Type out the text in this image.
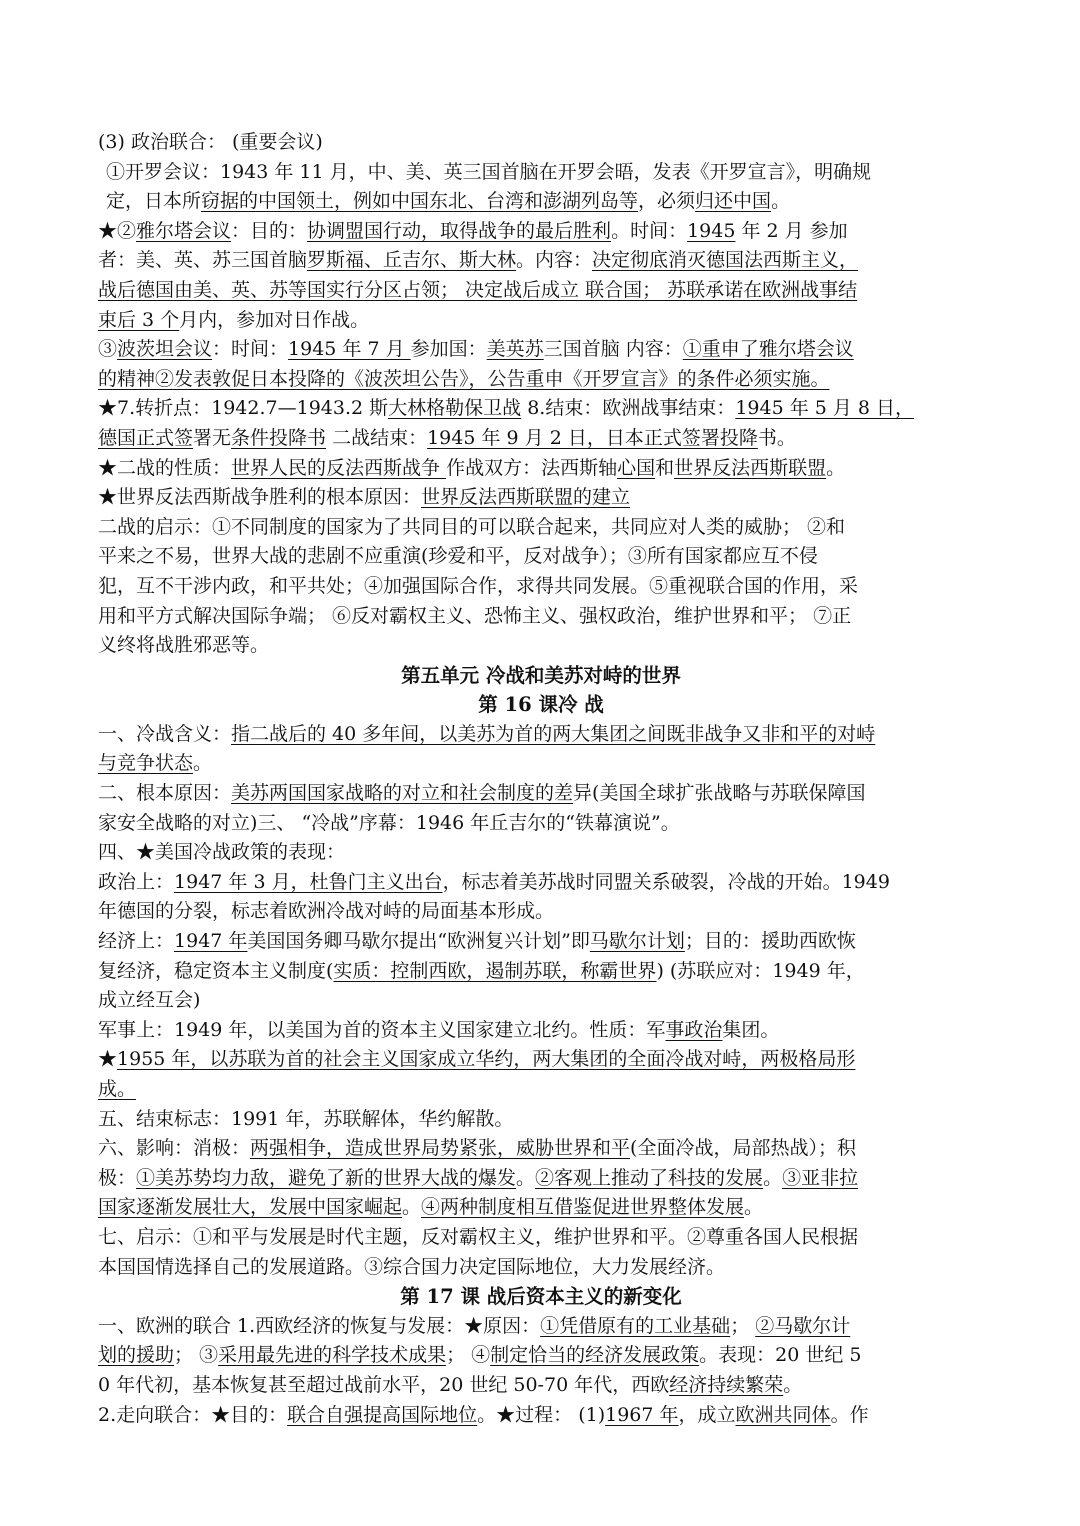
(3) 政治联合： (重要会议)
①开罗会议：1943 年 11 月，中、美、英三国首脑在开罗会晤，发表《开罗宣言》，明确规
定，日本所窃据的中国领土，例如中国东北、台湾和澎湖列岛等，必须归还中国。
★②雅尔塔会议：目的：协调盟国行动，取得战争的最后胜利。时间：1945 年 2 月 参加
者：美、英、苏三国首脑罗斯福、丘吉尔、斯大林。内容：决定彻底消灭德国法西斯主义，
战后德国由美、英、苏等国实行分区占领； 决定战后成立 联合国； 苏联承诺在欧洲战事结
束后 3 个月内，参加对日作战。
③波茨坦会议：时间：1945 年 7 月 参加国：美英苏三国首脑 内容：①重申了雅尔塔会议
的精神②发表敦促日本投降的《波茨坦公告》，公告重申《开罗宣言》的条件必须实施。
★7.转折点：1942.7—1943.2 斯大林格勒保卫战 8.结束：欧洲战事结束：1945 年 5 月 8 日，
德国正式签署无条件投降书 二战结束：1945 年 9 月 2 日，日本正式签署投降书。
★二战的性质：世界人民的反法西斯战争 作战双方：法西斯轴心国和世界反法西斯联盟。
★世界反法西斯战争胜利的根本原因：世界反法西斯联盟的建立
二战的启示：①不同制度的国家为了共同目的可以联合起来，共同应对人类的威胁； ②和
平来之不易，世界大战的悲剧不应重演(珍爱和平，反对战争）；③所有国家都应互不侵
犯，互不干涉内政，和平共处；④加强国际合作，求得共同发展。⑤重视联合国的作用，采
用和平方式解决国际争端； ⑥反对霸权主义、恐怖主义、强权政治，维护世界和平； ⑦正
义终将战胜邪恶等。
第五单元 冷战和美苏对峙的世界
第 16 课冷 战
一、冷战含义：指二战后的 40 多年间，以美苏为首的两大集团之间既非战争又非和平的对峙
与竞争状态。
二、根本原因：美苏两国国家战略的对立和社会制度的差异(美国全球扩张战略与苏联保障国
家安全战略的对立)三、 “冷战”序幕：1946 年丘吉尔的“铁幕演说”。
四、★美国冷战政策的表现：
政治上：1947 年 3 月，杜鲁门主义出台，标志着美苏战时同盟关系破裂，冷战的开始。1949
年德国的分裂，标志着欧洲冷战对峙的局面基本形成。
经济上：1947 年美国国务卿马歇尔提出“欧洲复兴计划”即马歇尔计划；目的：援助西欧恢
复经济，稳定资本主义制度(实质：控制西欧，遏制苏联，称霸世界) (苏联应对：1949 年，
成立经互会)
军事上：1949 年，以美国为首的资本主义国家建立北约。性质：军事政治集团。
★1955 年，以苏联为首的社会主义国家成立华约，两大集团的全面冷战对峙，两极格局形
成。
五、结束标志：1991 年，苏联解体，华约解散。
六、影响：消极：两强相争，造成世界局势紧张，威胁世界和平(全面冷战，局部热战）；积
极：①美苏势均力敌，避免了新的世界大战的爆发。②客观上推动了科技的发展。③亚非拉
国家逐渐发展壮大，发展中国家崛起。④两种制度相互借鉴促进世界整体发展。
七、启示：①和平与发展是时代主题，反对霸权主义，维护世界和平。②尊重各国人民根据
本国国情选择自己的发展道路。③综合国力决定国际地位，大力发展经济。
第 17 课 战后资本主义的新变化
一、欧洲的联合 1.西欧经济的恢复与发展：★原因：①凭借原有的工业基础； ②马歇尔计
划的援助； ③采用最先进的科学技术成果； ④制定恰当的经济发展政策。表现：20 世纪 5
0 年代初，基本恢复甚至超过战前水平，20 世纪 50-70 年代，西欧经济持续繁荣。
2.走向联合：★目的：联合自强提高国际地位。★过程： (1)1967 年，成立欧洲共同体。作
